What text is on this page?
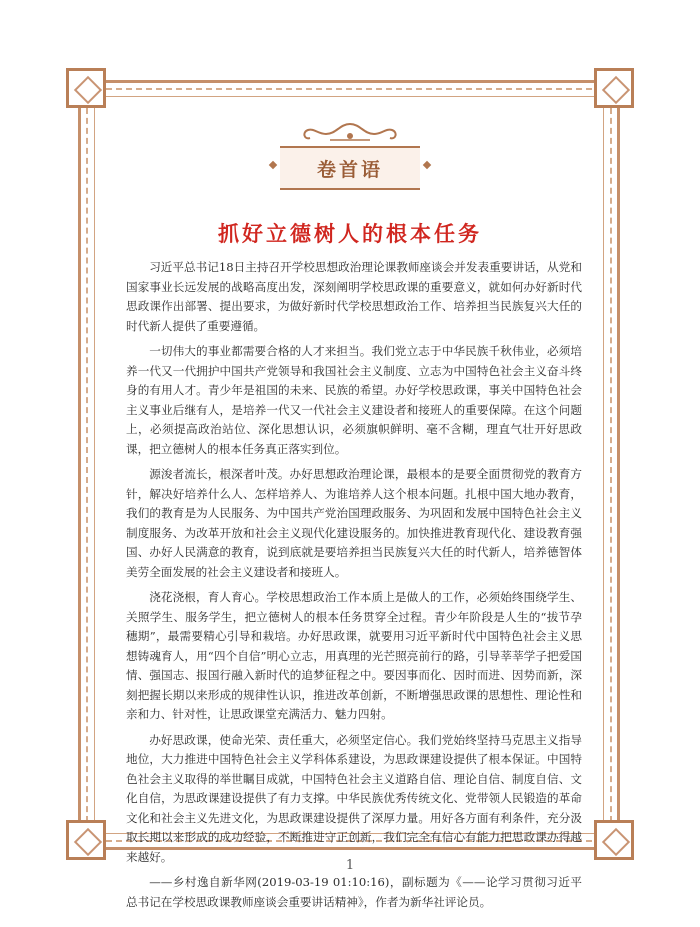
卷首语
抓好立德树人的根本任务

习近平总书记18日主持召开学校思想政治理论课教师座谈会并发表重要讲话，从党和国家事业长远发展的战略高度出发，深刻阐明学校思政课的重要意义，就如何办好新时代思政课作出部署、提出要求，为做好新时代学校思想政治工作、培养担当民族复兴大任的时代新人提供了重要遵循。

一切伟大的事业都需要合格的人才来担当。我们党立志于中华民族千秋伟业，必须培养一代又一代拥护中国共产党领导和我国社会主义制度、立志为中国特色社会主义奋斗终身的有用人才。青少年是祖国的未来、民族的希望。办好学校思政课，事关中国特色社会主义事业后继有人，是培养一代又一代社会主义建设者和接班人的重要保障。在这个问题上，必须提高政治站位、深化思想认识，必须旗帜鲜明、毫不含糊，理直气壮开好思政课，把立德树人的根本任务真正落实到位。

源浚者流长，根深者叶茂。办好思想政治理论课，最根本的是要全面贯彻党的教育方针，解决好培养什么人、怎样培养人、为谁培养人这个根本问题。扎根中国大地办教育，我们的教育是为人民服务、为中国共产党治国理政服务、为巩固和发展中国特色社会主义制度服务、为改革开放和社会主义现代化建设服务的。加快推进教育现代化、建设教育强国、办好人民满意的教育，说到底就是要培养担当民族复兴大任的时代新人，培养德智体美劳全面发展的社会主义建设者和接班人。

浇花浇根，育人育心。学校思想政治工作本质上是做人的工作，必须始终围绕学生、关照学生、服务学生，把立德树人的根本任务贯穿全过程。青少年阶段是人生的“拔节孕穗期”，最需要精心引导和栽培。办好思政课，就要用习近平新时代中国特色社会主义思想铸魂育人，用“四个自信”明心立志，用真理的光芒照亮前行的路，引导莘莘学子把爱国情、强国志、报国行融入新时代的追梦征程之中。要因事而化、因时而进、因势而新，深刻把握长期以来形成的规律性认识，推进改革创新，不断增强思政课的思想性、理论性和亲和力、针对性，让思政课堂充满活力、魅力四射。

办好思政课，使命光荣、责任重大，必须坚定信心。我们党始终坚持马克思主义指导地位，大力推进中国特色社会主义学科体系建设，为思政课建设提供了根本保证。中国特色社会主义取得的举世瞩目成就，中国特色社会主义道路自信、理论自信、制度自信、文化自信，为思政课建设提供了有力支撑。中华民族优秀传统文化、党带领人民锻造的革命文化和社会主义先进文化，为思政课建设提供了深厚力量。用好各方面有利条件，充分汲取长期以来形成的成功经验，不断推进守正创新，我们完全有信心有能力把思政课办得越来越好。

——乡村逸自新华网(2019-03-19 01:10:16)，副标题为《——论学习贯彻习近平总书记在学校思政课教师座谈会重要讲话精神》，作者为新华社评论员。

1
